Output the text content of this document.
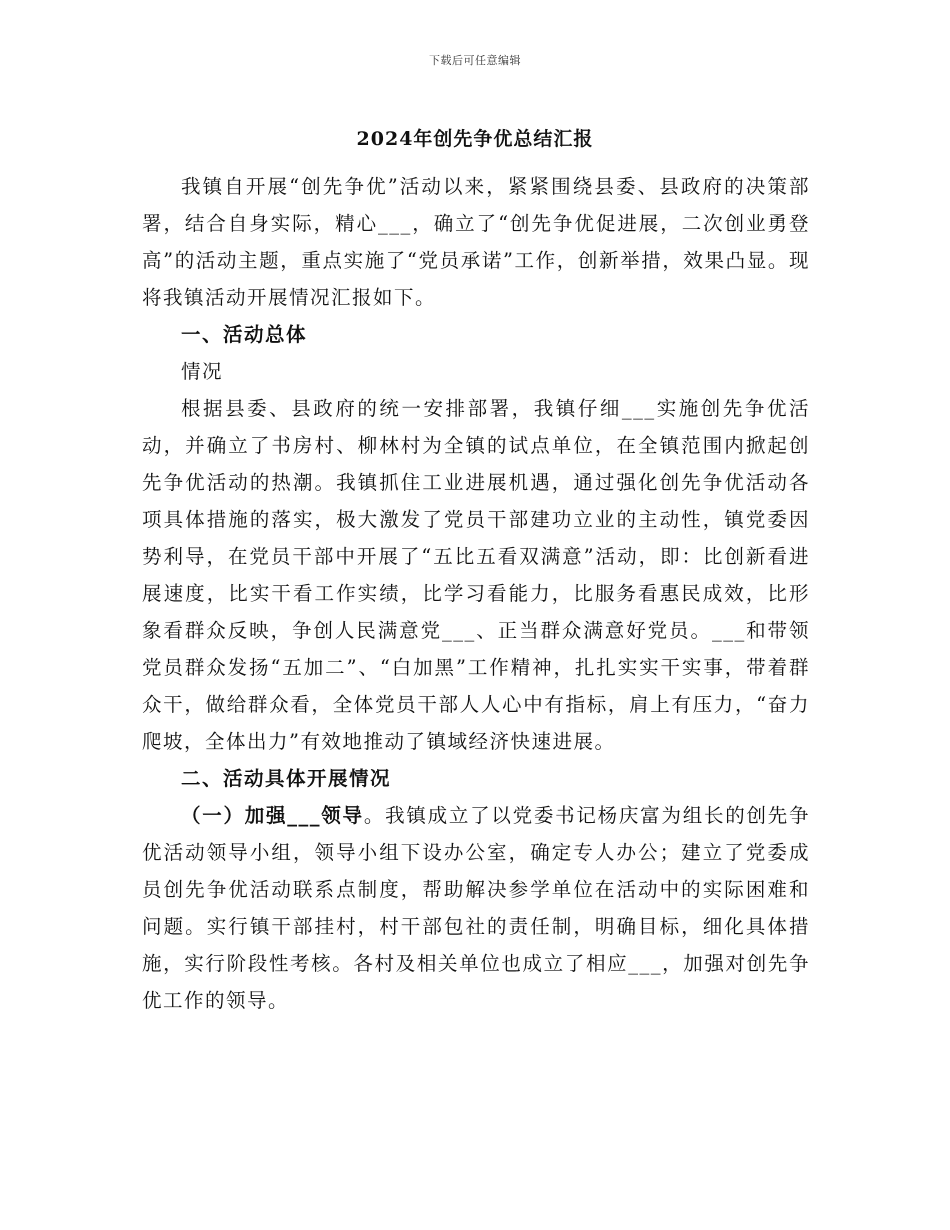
下载后可任意编辑
2024年创先争优总结汇报

我镇自开展“创先争优”活动以来，紧紧围绕县委、县政府的决策部署，结合自身实际，精心___，确立了“创先争优促进展，二次创业勇登高”的活动主题，重点实施了“党员承诺”工作，创新举措，效果凸显。现将我镇活动开展情况汇报如下。

一、活动总体

情况

根据县委、县政府的统一安排部署，我镇仔细___实施创先争优活动，并确立了书房村、柳林村为全镇的试点单位，在全镇范围内掀起创先争优活动的热潮。我镇抓住工业进展机遇，通过强化创先争优活动各项具体措施的落实，极大激发了党员干部建功立业的主动性，镇党委因势利导，在党员干部中开展了“五比五看双满意”活动，即：比创新看进展速度，比实干看工作实绩，比学习看能力，比服务看惠民成效，比形象看群众反映，争创人民满意党___、正当群众满意好党员。___和带领党员群众发扬“五加二”、“白加黑”工作精神，扎扎实实干实事，带着群众干，做给群众看，全体党员干部人人心中有指标，肩上有压力，“奋力爬坡，全体出力”有效地推动了镇域经济快速进展。

二、活动具体开展情况

（一）加强___领导。我镇成立了以党委书记杨庆富为组长的创先争优活动领导小组，领导小组下设办公室，确定专人办公；建立了党委成员创先争优活动联系点制度，帮助解决参学单位在活动中的实际困难和问题。实行镇干部挂村，村干部包社的责任制，明确目标，细化具体措施，实行阶段性考核。各村及相关单位也成立了相应___，加强对创先争优工作的领导。
